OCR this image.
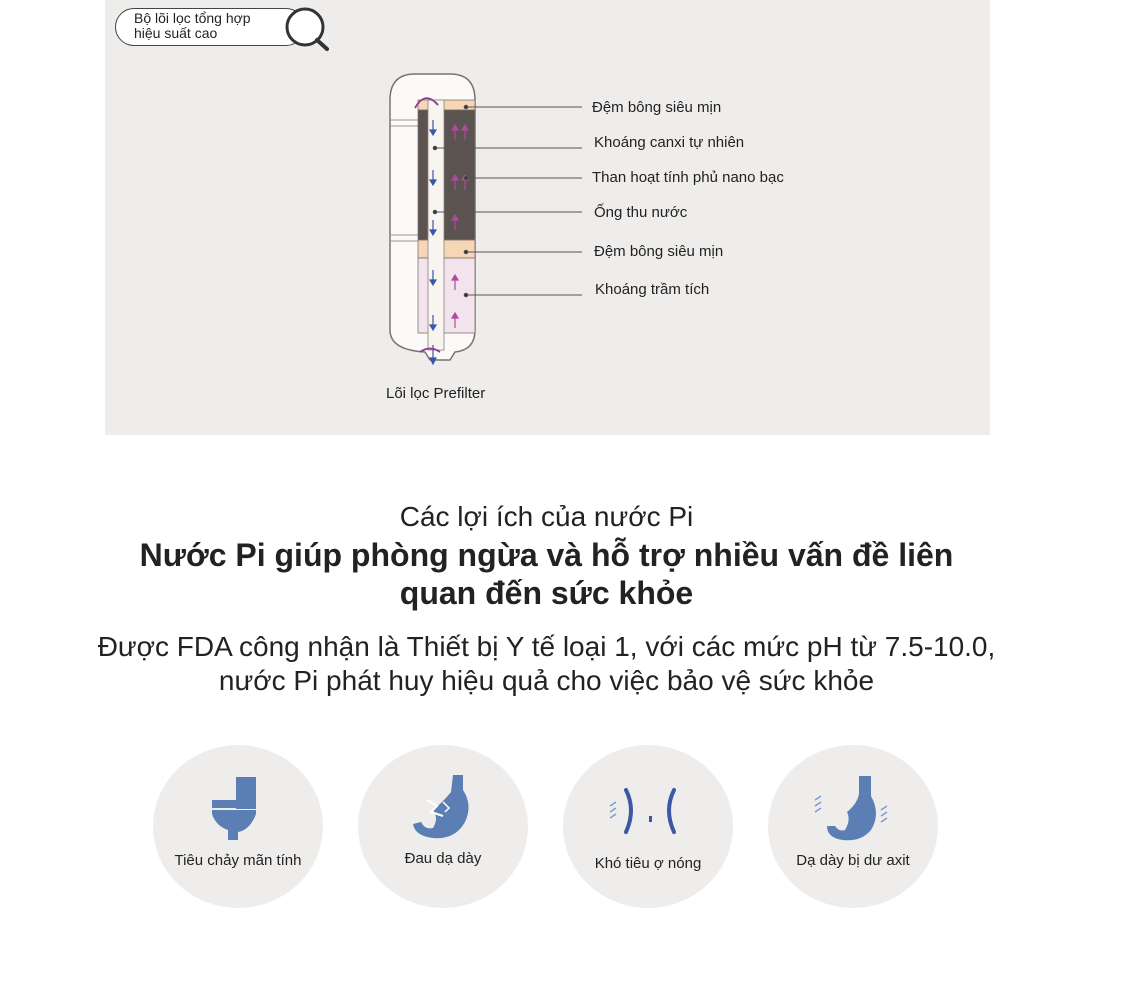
Bộ lõi lọc tổng hợp
hiệu suất cao
Đệm bông siêu mịn
Khoáng canxi tự nhiên
Than hoạt tính phủ nano bạc
Ống thu nước
Đệm bông siêu mịn
Khoáng trầm tích
Lõi lọc Prefilter
Các lợi ích của nước Pi
Nước Pi giúp phòng ngừa và hỗ trợ nhiều vấn đề liên quan đến sức khỏe
Được FDA công nhận là Thiết bị Y tế loại 1, với các mức pH từ 7.5-10.0, nước Pi phát huy hiệu quả cho việc bảo vệ sức khỏe
Tiêu chảy mãn tính	Đau dạ dày	Khó tiêu ợ nóng	Dạ dày bị dư axit
